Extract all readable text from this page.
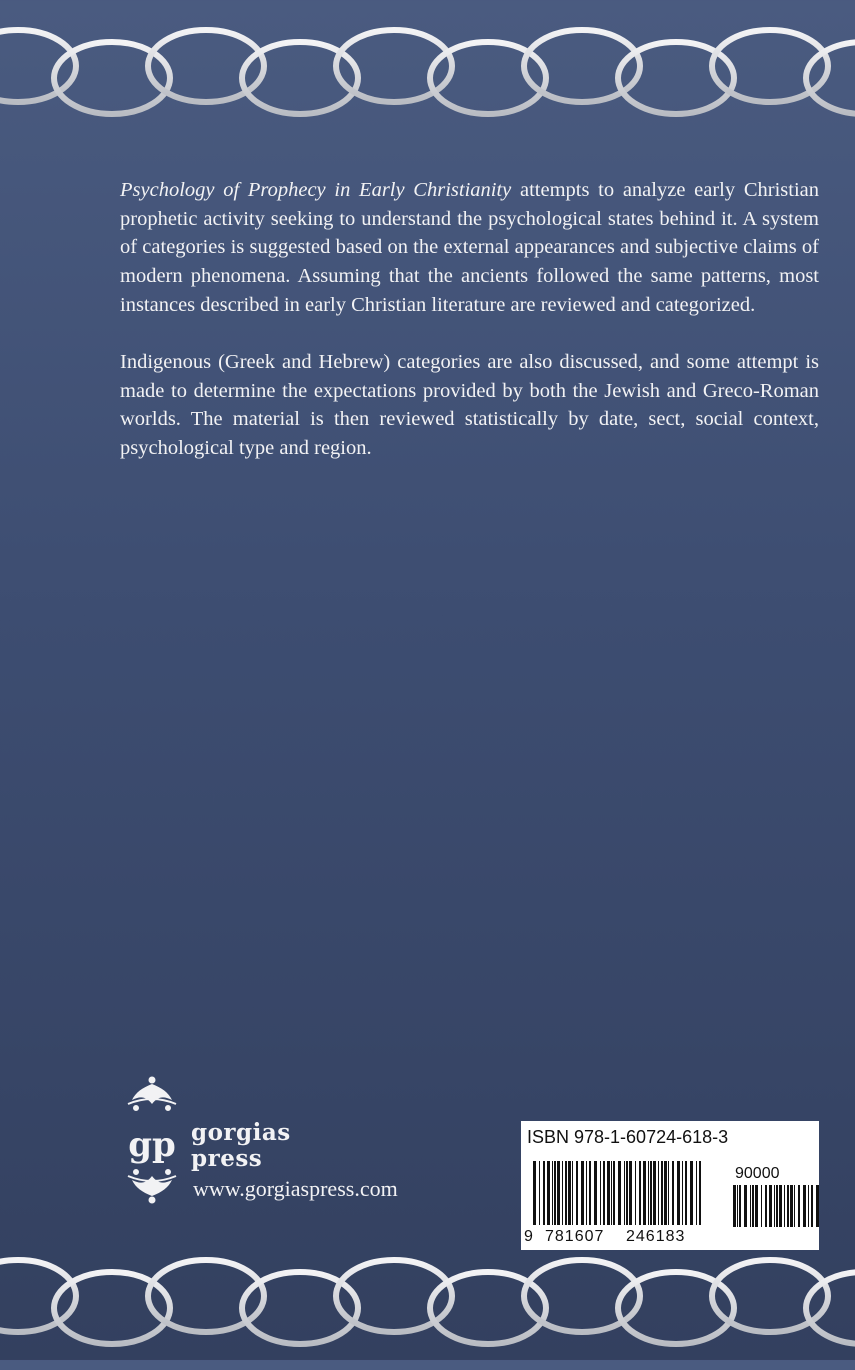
Psychology of Prophecy in Early Christianity attempts to analyze early Christian prophetic activity seeking to understand the psychological states behind it. A system of categories is suggested based on the external appearances and subjective claims of modern phenomena. Assuming that the ancients followed the same patterns, most instances described in early Christian literature are reviewed and categorized.

Indigenous (Greek and Hebrew) categories are also discussed, and some attempt is made to determine the expectations provided by both the Jewish and Greco-Roman worlds. The material is then reviewed statistically by date, sect, social context, psychological type and region.

gp gorgias
press
www.gorgiaspress.com
ISBN 978-1-60724-618-3
90000
9 781607 246183
